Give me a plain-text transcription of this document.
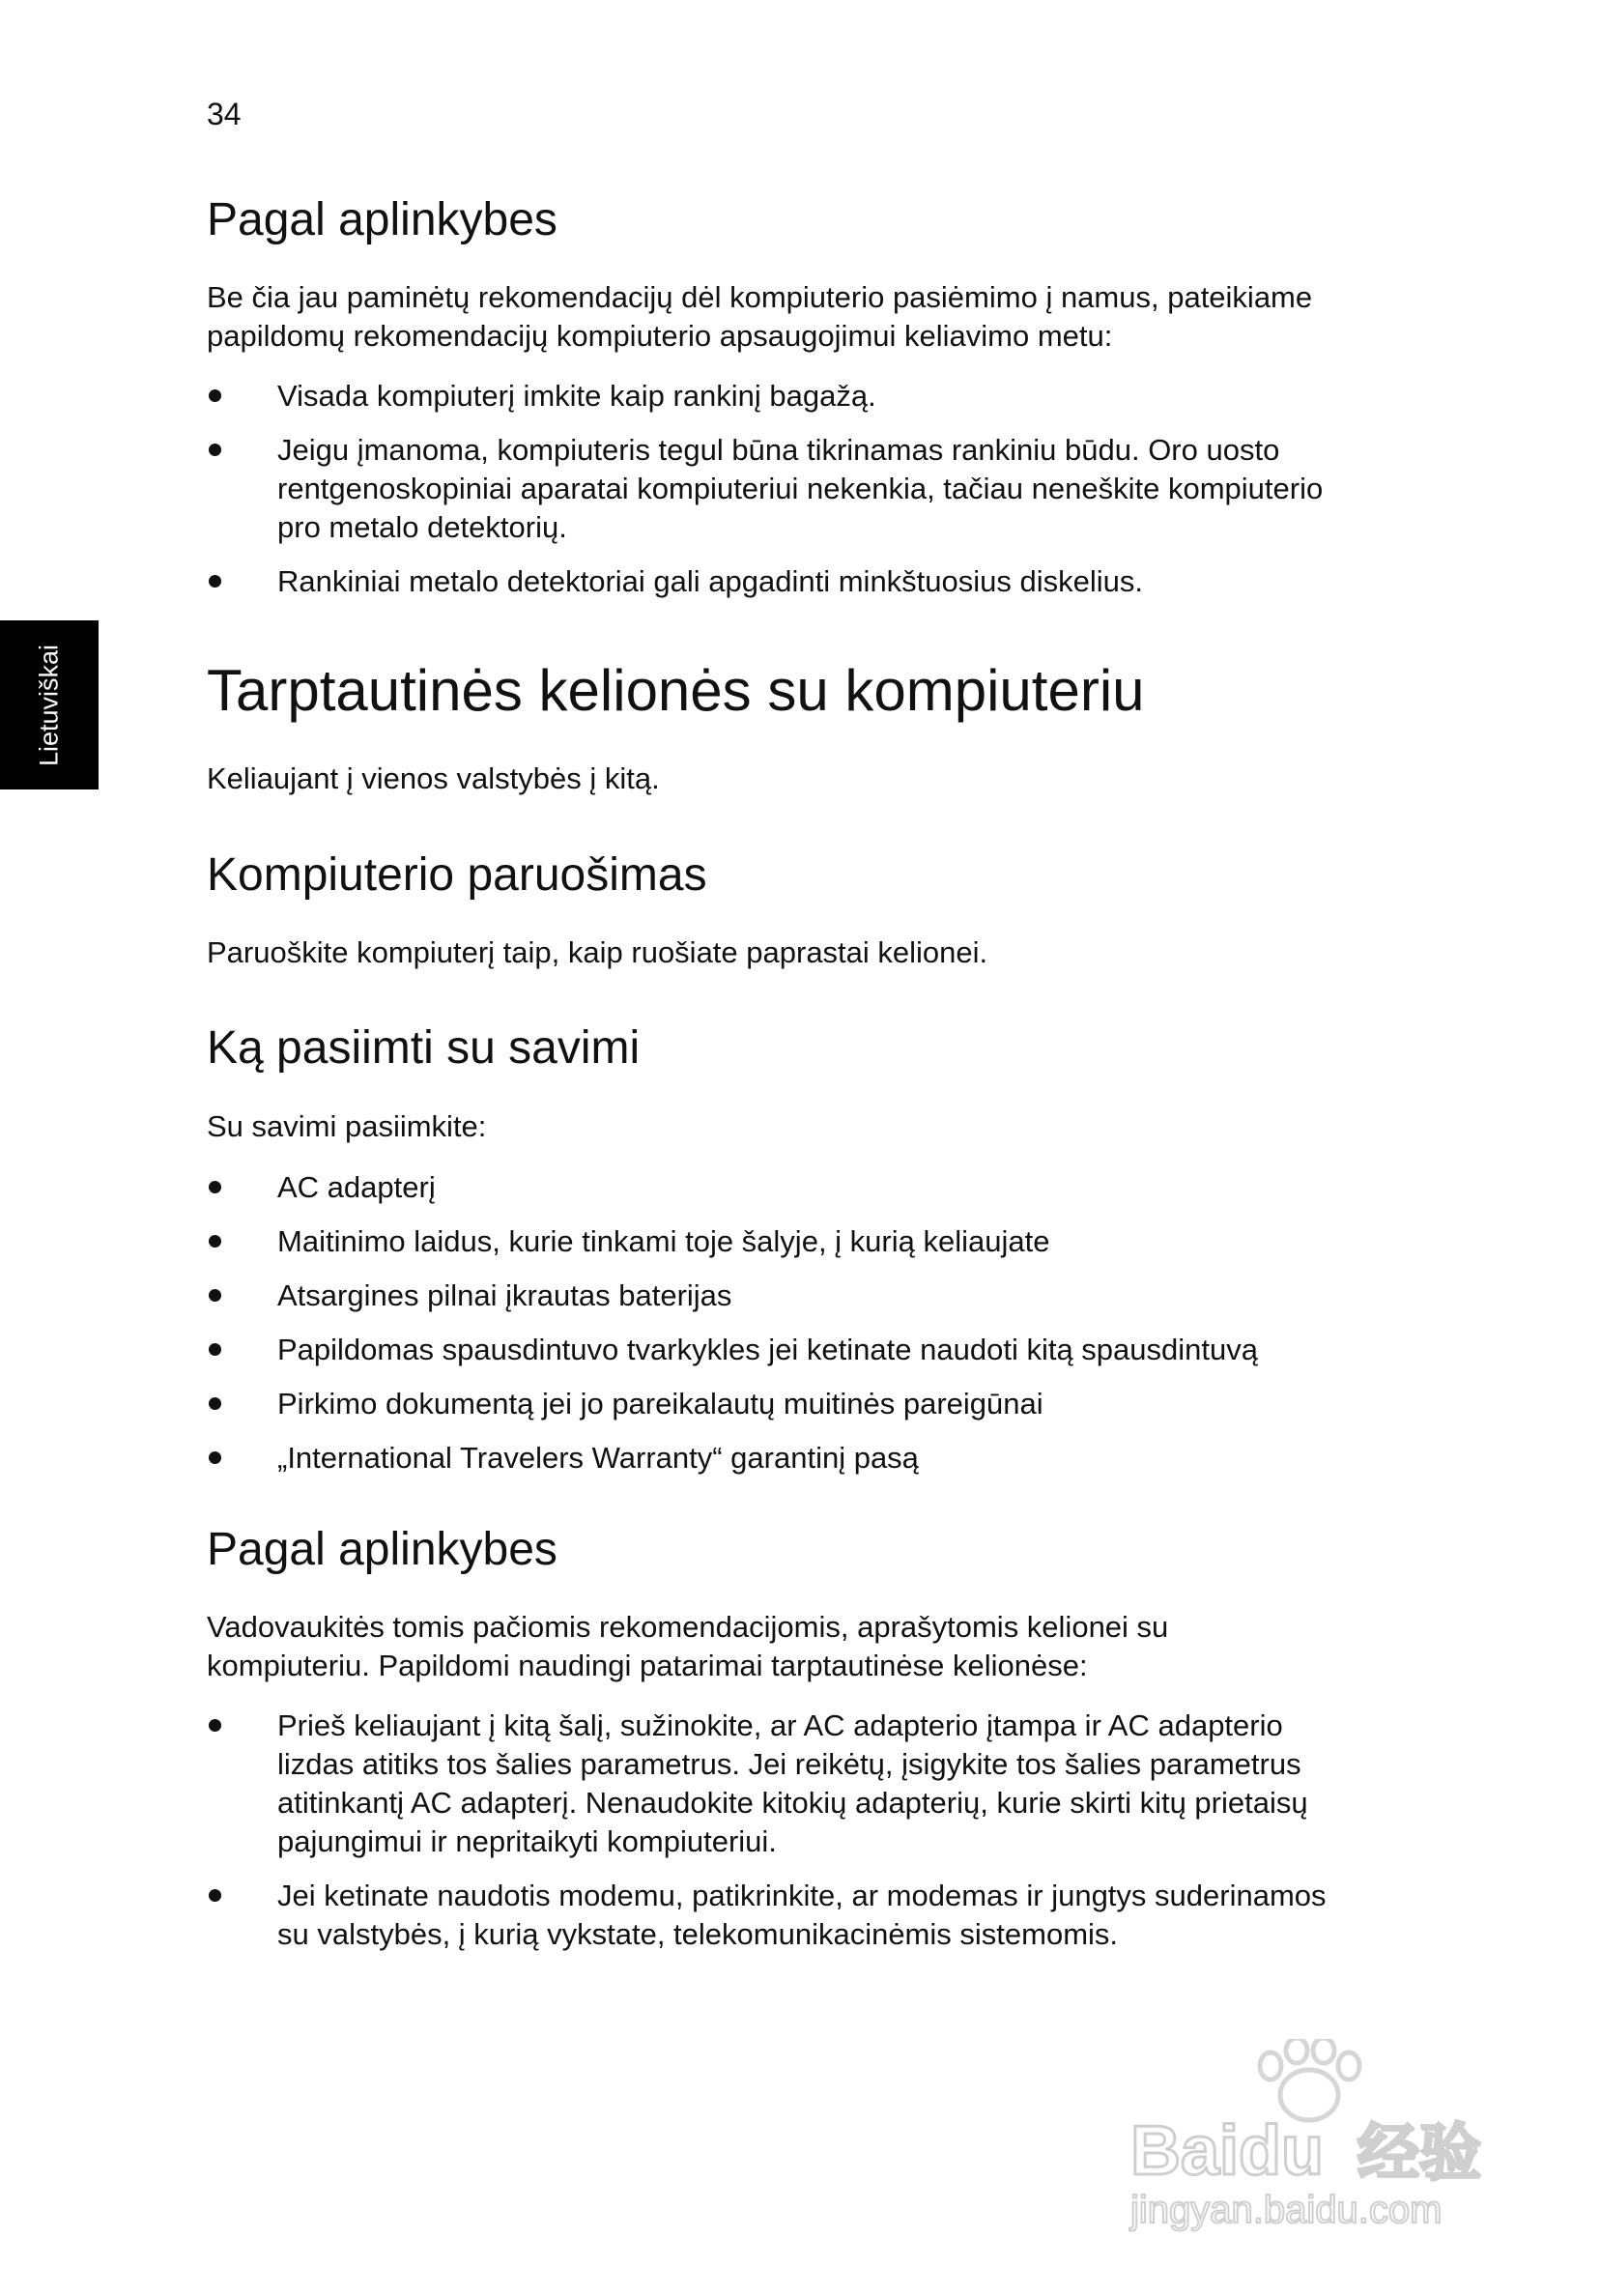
34
Lietuviškai
Pagal aplinkybes

Be čia jau paminėtų rekomendacijų dėl kompiuterio pasiėmimo į namus, pateikiame papildomų rekomendacijų kompiuterio apsaugojimui keliavimo metu:

Visada kompiuterį imkite kaip rankinį bagažą.
Jeigu įmanoma, kompiuteris tegul būna tikrinamas rankiniu būdu. Oro uosto rentgenoskopiniai aparatai kompiuteriui nekenkia, tačiau neneškite kompiuterio pro metalo detektorių.
Rankiniai metalo detektoriai gali apgadinti minkštuosius diskelius.
Tarptautinės kelionės su kompiuteriu

Keliaujant į vienos valstybės į kitą.

Kompiuterio paruošimas

Paruoškite kompiuterį taip, kaip ruošiate paprastai kelionei.

Ką pasiimti su savimi

Su savimi pasiimkite:

AC adapterį
Maitinimo laidus, kurie tinkami toje šalyje, į kurią keliaujate
Atsargines pilnai įkrautas baterijas
Papildomas spausdintuvo tvarkykles jei ketinate naudoti kitą spausdintuvą
Pirkimo dokumentą jei jo pareikalautų muitinės pareigūnai
„International Travelers Warranty“ garantinį pasą
Pagal aplinkybes

Vadovaukitės tomis pačiomis rekomendacijomis, aprašytomis kelionei su kompiuteriu. Papildomi naudingi patarimai tarptautinėse kelionėse:

Prieš keliaujant į kitą šalį, sužinokite, ar AC adapterio įtampa ir AC adapterio lizdas atitiks tos šalies parametrus. Jei reikėtų, įsigykite tos šalies parametrus atitinkantį AC adapterį. Nenaudokite kitokių adapterių, kurie skirti kitų prietaisų pajungimui ir nepritaikyti kompiuteriui.
Jei ketinate naudotis modemu, patikrinkite, ar modemas ir jungtys suderinamos su valstybės, į kurią vykstate, telekomunikacinėmis sistemomis.
Baidu 经验
jingyan.baidu.com
